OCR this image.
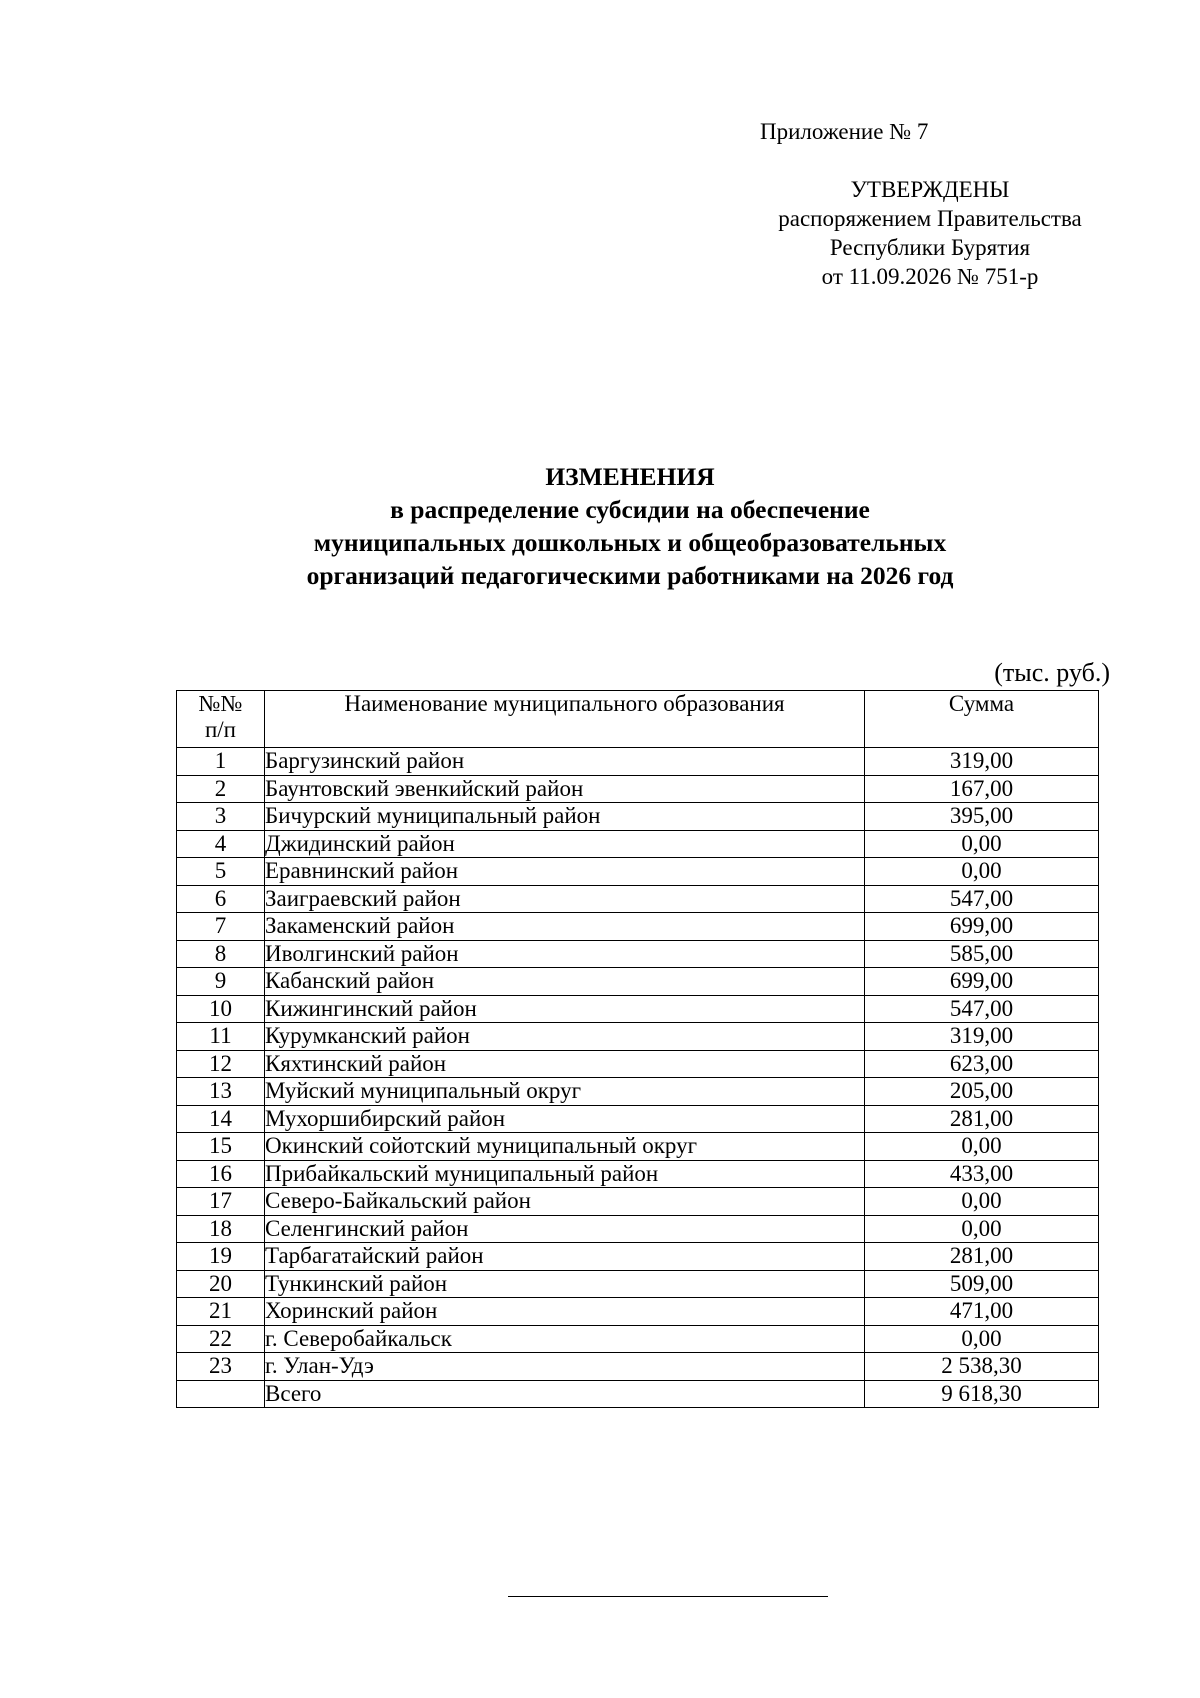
Приложение № 7
УТВЕРЖДЕНЫ
распоряжением Правительства
Республики Бурятия
от 11.09.2026 № 751-р
ИЗМЕНЕНИЯ
в распределение субсидии на обеспечение
муниципальных дошкольных и общеобразовательных
организаций педагогическими работниками на 2026 год
(тыс. руб.)
№№
п/п	Наименование муниципального образования	Сумма
1	Баргузинский район	319,00
2	Баунтовский эвенкийский район	167,00
3	Бичурский муниципальный район	395,00
4	Джидинский район	0,00
5	Еравнинский район	0,00
6	Заиграевский район	547,00
7	Закаменский район	699,00
8	Иволгинский район	585,00
9	Кабанский район	699,00
10	Кижингинский район	547,00
11	Курумканский район	319,00
12	Кяхтинский район	623,00
13	Муйский муниципальный округ	205,00
14	Мухоршибирский район	281,00
15	Окинский сойотский муниципальный округ	0,00
16	Прибайкальский муниципальный район	433,00
17	Северо-Байкальский район	0,00
18	Селенгинский район	0,00
19	Тарбагатайский район	281,00
20	Тункинский район	509,00
21	Хоринский район	471,00
22	г. Северобайкальск	0,00
23	г. Улан-Удэ	2 538,30
	Всего	9 618,30
